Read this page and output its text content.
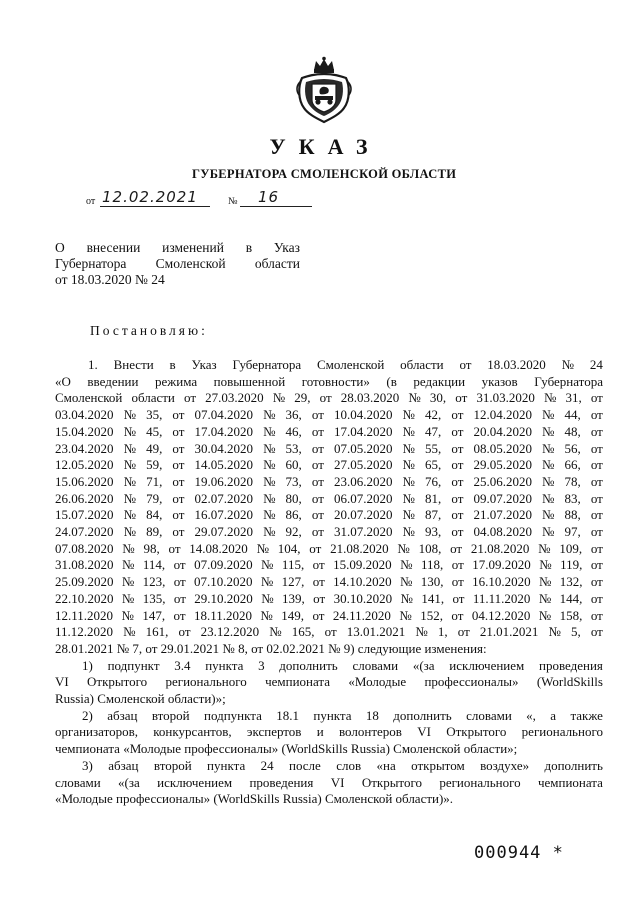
УКАЗ
ГУБЕРНАТОРА СМОЛЕНСКОЙ ОБЛАСТИ
от 12.02.2021	№ 16
О внесении изменений в Указ
Губернатора Смоленской области
от 18.03.2020 № 24
Постановляю:
1. Внести в Указ Губернатора Смоленской области от 18.03.2020 № 24
«О введении режима повышенной готовности» (в редакции указов Губернатора
Смоленской области от 27.03.2020 № 29, от 28.03.2020 № 30, от 31.03.2020 № 31, от
03.04.2020 № 35, от 07.04.2020 № 36, от 10.04.2020 № 42, от 12.04.2020 № 44, от
15.04.2020 № 45, от 17.04.2020 № 46, от 17.04.2020 № 47, от 20.04.2020 № 48, от
23.04.2020 № 49, от 30.04.2020 № 53, от 07.05.2020 № 55, от 08.05.2020 № 56, от
12.05.2020 № 59, от 14.05.2020 № 60, от 27.05.2020 № 65, от 29.05.2020 № 66, от
15.06.2020 № 71, от 19.06.2020 № 73, от 23.06.2020 № 76, от 25.06.2020 № 78, от
26.06.2020 № 79, от 02.07.2020 № 80, от 06.07.2020 № 81, от 09.07.2020 № 83, от
15.07.2020 № 84, от 16.07.2020 № 86, от 20.07.2020 № 87, от 21.07.2020 № 88, от
24.07.2020 № 89, от 29.07.2020 № 92, от 31.07.2020 № 93, от 04.08.2020 № 97, от
07.08.2020 № 98, от 14.08.2020 № 104, от 21.08.2020 № 108, от 21.08.2020 № 109, от
31.08.2020 № 114, от 07.09.2020 № 115, от 15.09.2020 № 118, от 17.09.2020 № 119, от
25.09.2020 № 123, от 07.10.2020 № 127, от 14.10.2020 № 130, от 16.10.2020 № 132, от
22.10.2020 № 135, от 29.10.2020 № 139, от 30.10.2020 № 141, от 11.11.2020 № 144, от
12.11.2020 № 147, от 18.11.2020 № 149, от 24.11.2020 № 152, от 04.12.2020 № 158, от
11.12.2020 № 161, от 23.12.2020 № 165, от 13.01.2021 № 1, от 21.01.2021 № 5, от
28.01.2021 № 7, от 29.01.2021 № 8, от 02.02.2021 № 9) следующие изменения:
1) подпункт 3.4 пункта 3 дополнить словами «(за исключением проведения
VI Открытого регионального чемпионата «Молодые профессионалы» (WorldSkills
Russia) Смоленской области)»;
2) абзац второй подпункта 18.1 пункта 18 дополнить словами «, а также
организаторов, конкурсантов, экспертов и волонтеров VI Открытого регионального
чемпионата «Молодые профессионалы» (WorldSkills Russia) Смоленской области»;
3) абзац второй пункта 24 после слов «на открытом воздухе» дополнить
словами «(за исключением проведения VI Открытого регионального чемпионата
«Молодые профессионалы» (WorldSkills Russia) Смоленской области)».
000944 *
